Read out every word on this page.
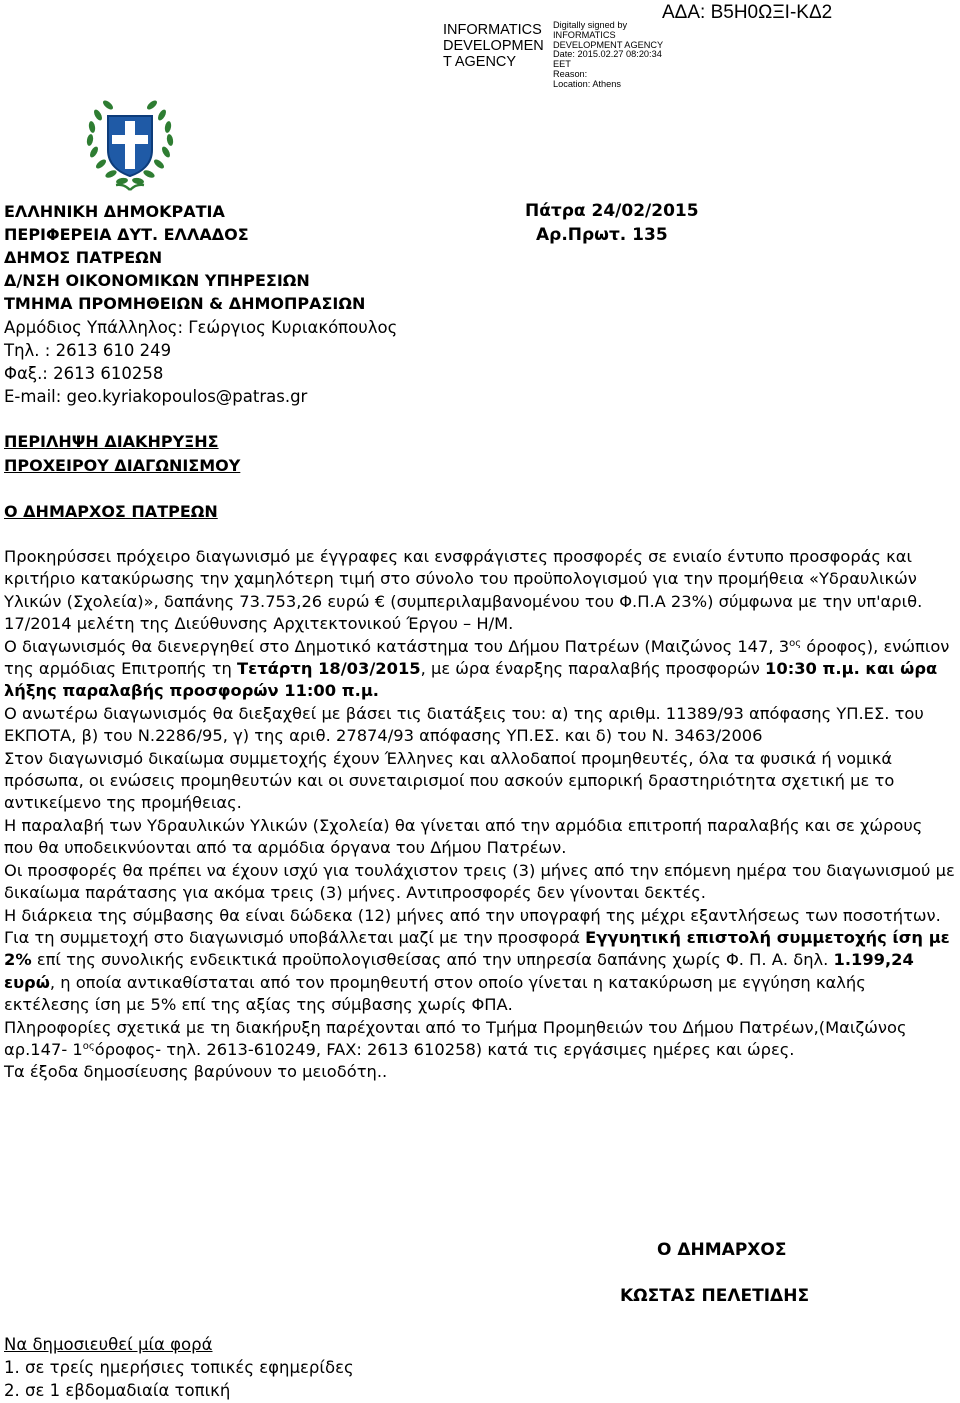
INFORMATICS
DEVELOPMEN
T AGENCY
Digitally signed by
INFORMATICS
DEVELOPMENT AGENCY
Date: 2015.02.27 08:20:34
EET
Reason:
Location: Athens
ΑΔΑ: Β5Η0ΩΞΙ-ΚΔ2
ΕΛΛΗΝΙΚΗ ΔΗΜΟΚΡΑΤΙΑ
ΠΕΡΙΦΕΡΕΙΑ ΔΥΤ. ΕΛΛΑΔΟΣ
ΔΗΜΟΣ ΠΑΤΡΕΩΝ
Δ/ΝΣΗ ΟΙΚΟΝΟΜΙΚΩΝ ΥΠΗΡΕΣΙΩΝ
ΤΜΗΜΑ ΠΡΟΜΗΘΕΙΩΝ & ΔΗΜΟΠΡΑΣΙΩΝ
Αρμόδιος Υπάλληλος: Γεώργιος Κυριακόπουλος
Τηλ. : 2613 610 249
Φαξ.: 2613 610258
E-mail: geo.kyriakopoulos@patras.gr
Πάτρα 24/02/2015
Αρ.Πρωτ. 135
ΠΕΡΙΛΗΨΗ ΔΙΑΚΗΡΥΞΗΣ
ΠΡΟΧΕΙΡΟΥ ΔΙΑΓΩΝΙΣΜΟΥ
Ο ΔΗΜΑΡΧΟΣ ΠΑΤΡΕΩΝ

Προκηρύσσει πρόχειρο διαγωνισμό με έγγραφες και ενσφράγιστες προσφορές σε ενιαίο έντυπο προσφοράς και κριτήριο κατακύρωσης την χαμηλότερη τιμή στο σύνολο του προϋπολογισμού για την προμήθεια «Υδραυλικών Υλικών (Σχολεία)», δαπάνης 73.753,26 ευρώ € (συμπεριλαμβανομένου του Φ.Π.Α 23%) σύμφωνα με την υπ'αριθ. 17/2014 μελέτη της Διεύθυνσης Αρχιτεκτονικού Έργου – Η/Μ.

Ο διαγωνισμός θα διενεργηθεί στο Δημοτικό κατάστημα του Δήμου Πατρέων (Μαιζώνος 147, $3^{o\varsigma}$ όροφος), ενώπιον της αρμόδιας Επιτροπής τη Τετάρτη 18/03/2015, με ώρα έναρξης παραλαβής προσφορών 10:30 π.μ. και ώρα λήξης παραλαβής προσφορών 11:00 π.μ.

Ο ανωτέρω διαγωνισμός θα διεξαχθεί με βάσει τις διατάξεις του: α) της αριθμ. 11389/93 απόφασης ΥΠ.ΕΣ. του ΕΚΠΟΤΑ, β) του Ν.2286/95, γ) της αριθ. 27874/93 απόφασης ΥΠ.ΕΣ. και δ) του Ν. 3463/2006

Στον διαγωνισμό δικαίωμα συμμετοχής έχουν Έλληνες και αλλοδαποί προμηθευτές, όλα τα φυσικά ή νομικά πρόσωπα, οι ενώσεις προμηθευτών και οι συνεταιρισμοί που ασκούν εμπορική δραστηριότητα σχετική με το αντικείμενο της προμήθειας.

Η παραλαβή των Υδραυλικών Υλικών (Σχολεία) θα γίνεται από την αρμόδια επιτροπή παραλαβής και σε χώρους που θα υποδεικνύονται από τα αρμόδια όργανα του Δήμου Πατρέων.

Οι προσφορές θα πρέπει να έχουν ισχύ για τουλάχιστον τρεις (3) μήνες από την επόμενη ημέρα του διαγωνισμού με δικαίωμα παράτασης για ακόμα τρεις (3) μήνες. Αντιπροσφορές δεν γίνονται δεκτές.

Η διάρκεια της σύμβασης θα είναι δώδεκα (12) μήνες από την υπογραφή της μέχρι εξαντλήσεως των ποσοτήτων.

Για τη συμμετοχή στο διαγωνισμό υποβάλλεται μαζί με την προσφορά Εγγυητική επιστολή συμμετοχής ίση με 2% επί της συνολικής ενδεικτικά προϋπολογισθείσας από την υπηρεσία δαπάνης χωρίς Φ. Π. Α. δηλ. 1.199,24 ευρώ, η οποία αντικαθίσταται από τον προμηθευτή στον οποίο γίνεται η κατακύρωση με εγγύηση καλής εκτέλεσης ίση με 5% επί της αξίας της σύμβασης χωρίς ΦΠΑ.

Πληροφορίες σχετικά με τη διακήρυξη παρέχονται από το Τμήμα Προμηθειών του Δήμου Πατρέων,(Μαιζώνος αρ.147- $1^{o\varsigma}ό\rho o\varphi o\varsigma-$ τηλ. 2613-610249, FAX: 2613 610258) κατά τις εργάσιμες ημέρες και ώρες.

Τα έξοδα δημοσίευσης βαρύνουν το μειοδότη..

Ο ΔΗΜΑΡΧΟΣ
ΚΩΣΤΑΣ ΠΕΛΕΤΙΔΗΣ
Να δημοσιευθεί μία φορά
1. σε τρείς ημερήσιες τοπικές εφημερίδες
2. σε 1 εβδομαδιαία τοπική
